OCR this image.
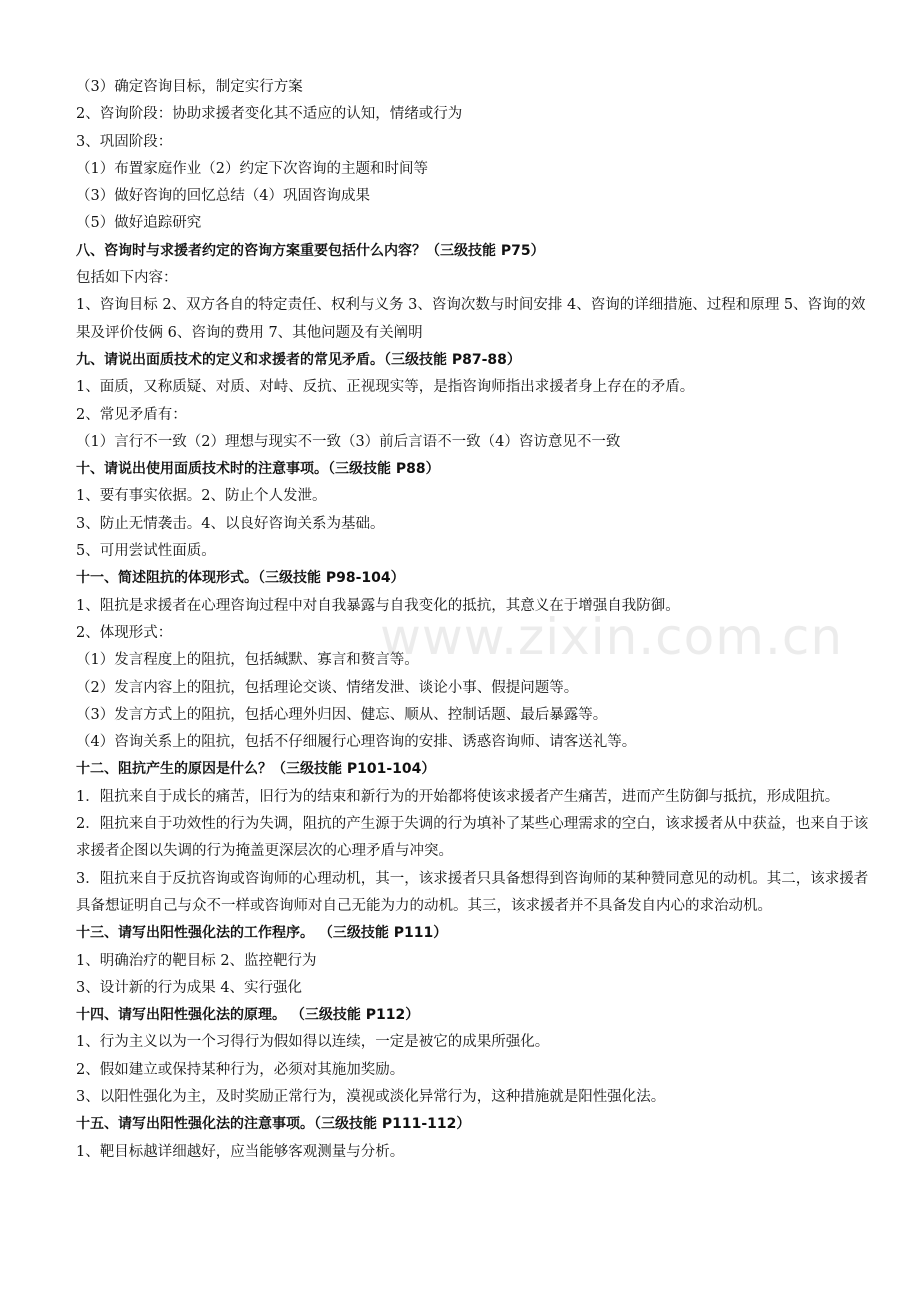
（3）确定咨询目标，制定实行方案
2、咨询阶段：协助求援者变化其不适应的认知，情绪或行为
3、巩固阶段：
（1）布置家庭作业（2）约定下次咨询的主题和时间等
（3）做好咨询的回忆总结（4）巩固咨询成果
（5）做好追踪研究
八、咨询时与求援者约定的咨询方案重要包括什么内容？（三级技能 P75）
包括如下内容：
1、咨询目标 2、双方各自的特定责任、权利与义务 3、咨询次数与时间安排 4、咨询的详细措施、过程和原理 5、咨询的效果及评价伎俩 6、咨询的费用 7、其他问题及有关阐明
九、请说出面质技术的定义和求援者的常见矛盾。（三级技能 P87-88）
1、面质，又称质疑、对质、对峙、反抗、正视现实等，是指咨询师指出求援者身上存在的矛盾。
2、常见矛盾有：
（1）言行不一致（2）理想与现实不一致（3）前后言语不一致（4）咨访意见不一致
十、请说出使用面质技术时的注意事项。（三级技能 P88）
1、要有事实依据。2、防止个人发泄。
3、防止无情袭击。4、以良好咨询关系为基础。
5、可用尝试性面质。
十一、简述阻抗的体现形式。（三级技能 P98-104）
1、阻抗是求援者在心理咨询过程中对自我暴露与自我变化的抵抗，其意义在于增强自我防御。
2、体现形式：
（1）发言程度上的阻抗，包括缄默、寡言和赘言等。
（2）发言内容上的阻抗，包括理论交谈、情绪发泄、谈论小事、假提问题等。
（3）发言方式上的阻抗，包括心理外归因、健忘、顺从、控制话题、最后暴露等。
（4）咨询关系上的阻抗，包括不仔细履行心理咨询的安排、诱惑咨询师、请客送礼等。
十二、阻抗产生的原因是什么？（三级技能 P101-104）
1．阻抗来自于成长的痛苦，旧行为的结束和新行为的开始都将使该求援者产生痛苦，进而产生防御与抵抗，形成阻抗。
2．阻抗来自于功效性的行为失调，阻抗的产生源于失调的行为填补了某些心理需求的空白，该求援者从中获益，也来自于该求援者企图以失调的行为掩盖更深层次的心理矛盾与冲突。
3．阻抗来自于反抗咨询或咨询师的心理动机，其一，该求援者只具备想得到咨询师的某种赞同意见的动机。其二，该求援者具备想证明自己与众不一样或咨询师对自己无能为力的动机。其三，该求援者并不具备发自内心的求治动机。
十三、请写出阳性强化法的工作程序。 （三级技能 P111）
1、明确治疗的靶目标 2、监控靶行为
3、设计新的行为成果 4、实行强化
十四、请写出阳性强化法的原理。 （三级技能 P112）
1、行为主义以为一个习得行为假如得以连续，一定是被它的成果所强化。
2、假如建立或保持某种行为，必须对其施加奖励。
3、以阳性强化为主，及时奖励正常行为，漠视或淡化异常行为，这种措施就是阳性强化法。
十五、请写出阳性强化法的注意事项。（三级技能 P111-112）
1、靶目标越详细越好，应当能够客观测量与分析。
www.zixin.com.cn
